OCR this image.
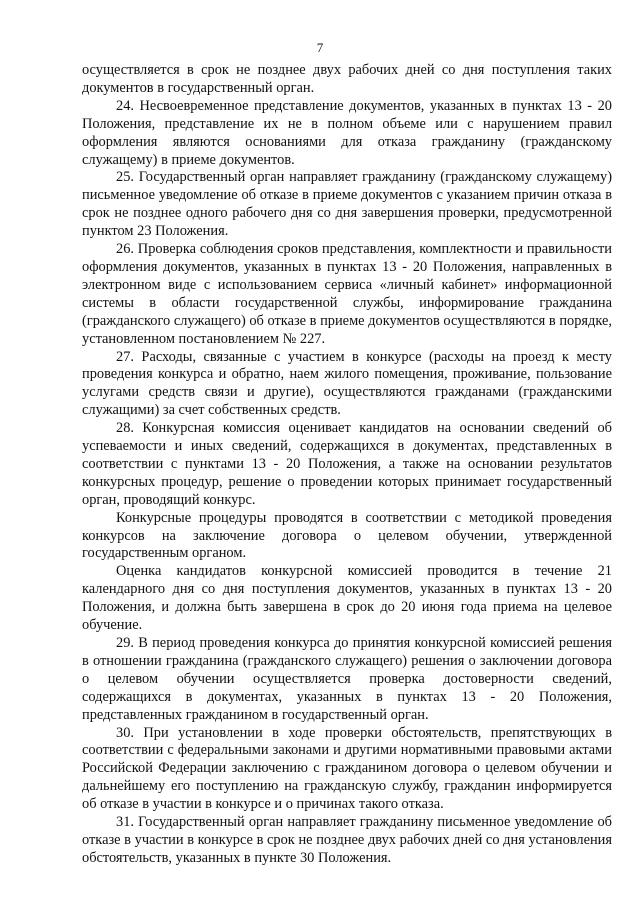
7

осуществляется в срок не позднее двух рабочих дней со дня поступления таких документов в государственный орган.

24. Несвоевременное представление документов, указанных в пунктах 13 - 20 Положения, представление их не в полном объеме или с нарушением правил оформления являются основаниями для отказа гражданину (гражданскому служащему) в приеме документов.

25. Государственный орган направляет гражданину (гражданскому служащему) письменное уведомление об отказе в приеме документов с указанием причин отказа в срок не позднее одного рабочего дня со дня завершения проверки, предусмотренной пунктом 23 Положения.

26. Проверка соблюдения сроков представления, комплектности и правильности оформления документов, указанных в пунктах 13 - 20 Положения, направленных в электронном виде с использованием сервиса «личный кабинет» информационной системы в области государственной службы, информирование гражданина (гражданского служащего) об отказе в приеме документов осуществляются в порядке, установленном постановлением № 227.

27. Расходы, связанные с участием в конкурсе (расходы на проезд к месту проведения конкурса и обратно, наем жилого помещения, проживание, пользование услугами средств связи и другие), осуществляются гражданами (гражданскими служащими) за счет собственных средств.

28. Конкурсная комиссия оценивает кандидатов на основании сведений об успеваемости и иных сведений, содержащихся в документах, представленных в соответствии с пунктами 13 - 20 Положения, а также на основании результатов конкурсных процедур, решение о проведении которых принимает государственный орган, проводящий конкурс.

Конкурсные процедуры проводятся в соответствии с методикой проведения конкурсов на заключение договора о целевом обучении, утвержденной государственным органом.

Оценка кандидатов конкурсной комиссией проводится в течение 21 календарного дня со дня поступления документов, указанных в пунктах 13 - 20 Положения, и должна быть завершена в срок до 20 июня года приема на целевое обучение.

29. В период проведения конкурса до принятия конкурсной комиссией решения в отношении гражданина (гражданского служащего) решения о заключении договора о целевом обучении осуществляется проверка достоверности сведений, содержащихся в документах, указанных в пунктах 13 - 20 Положения, представленных гражданином в государственный орган.

30. При установлении в ходе проверки обстоятельств, препятствующих в соответствии с федеральными законами и другими нормативными правовыми актами Российской Федерации заключению с гражданином договора о целевом обучении и дальнейшему его поступлению на гражданскую службу, гражданин информируется об отказе в участии в конкурсе и о причинах такого отказа.

31. Государственный орган направляет гражданину письменное уведомление об отказе в участии в конкурсе в срок не позднее двух рабочих дней со дня установления обстоятельств, указанных в пункте 30 Положения.
